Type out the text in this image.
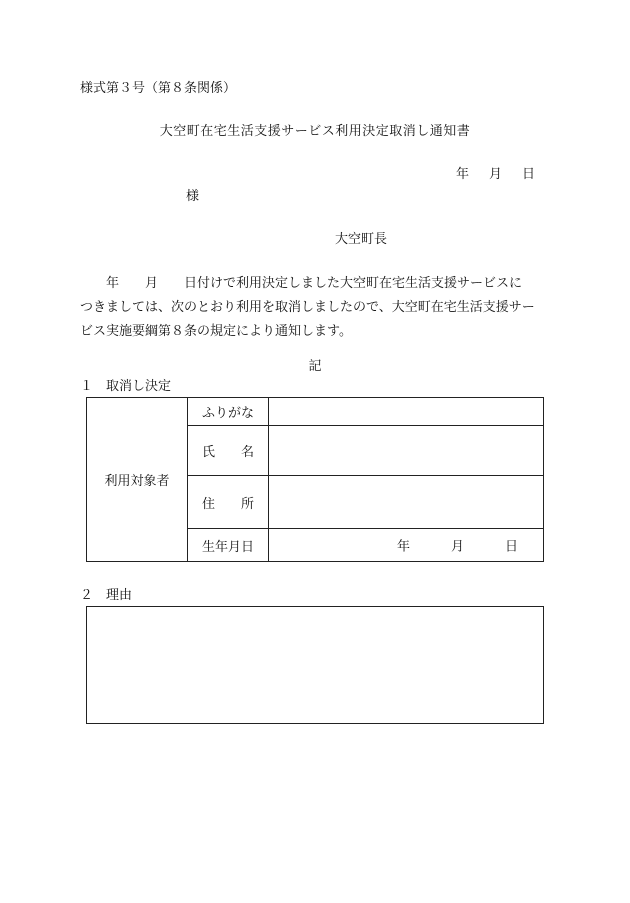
様式第３号（第８条関係）
大空町在宅生活支援サービス利用決定取消し通知書
年 月 日
様
大空町長

　　年　　月　　日付けで利用決定しました大空町在宅生活支援サービスに

つきましては、次のとおり利用を取消しましたので、大空町在宅生活支援サー

ビス実施要綱第８条の規定により通知します。

記
１　取消し決定
利用対象者	ふりがな	
	氏　　名	
	住　　所	
	生年月日	年 月 日
２　理由
